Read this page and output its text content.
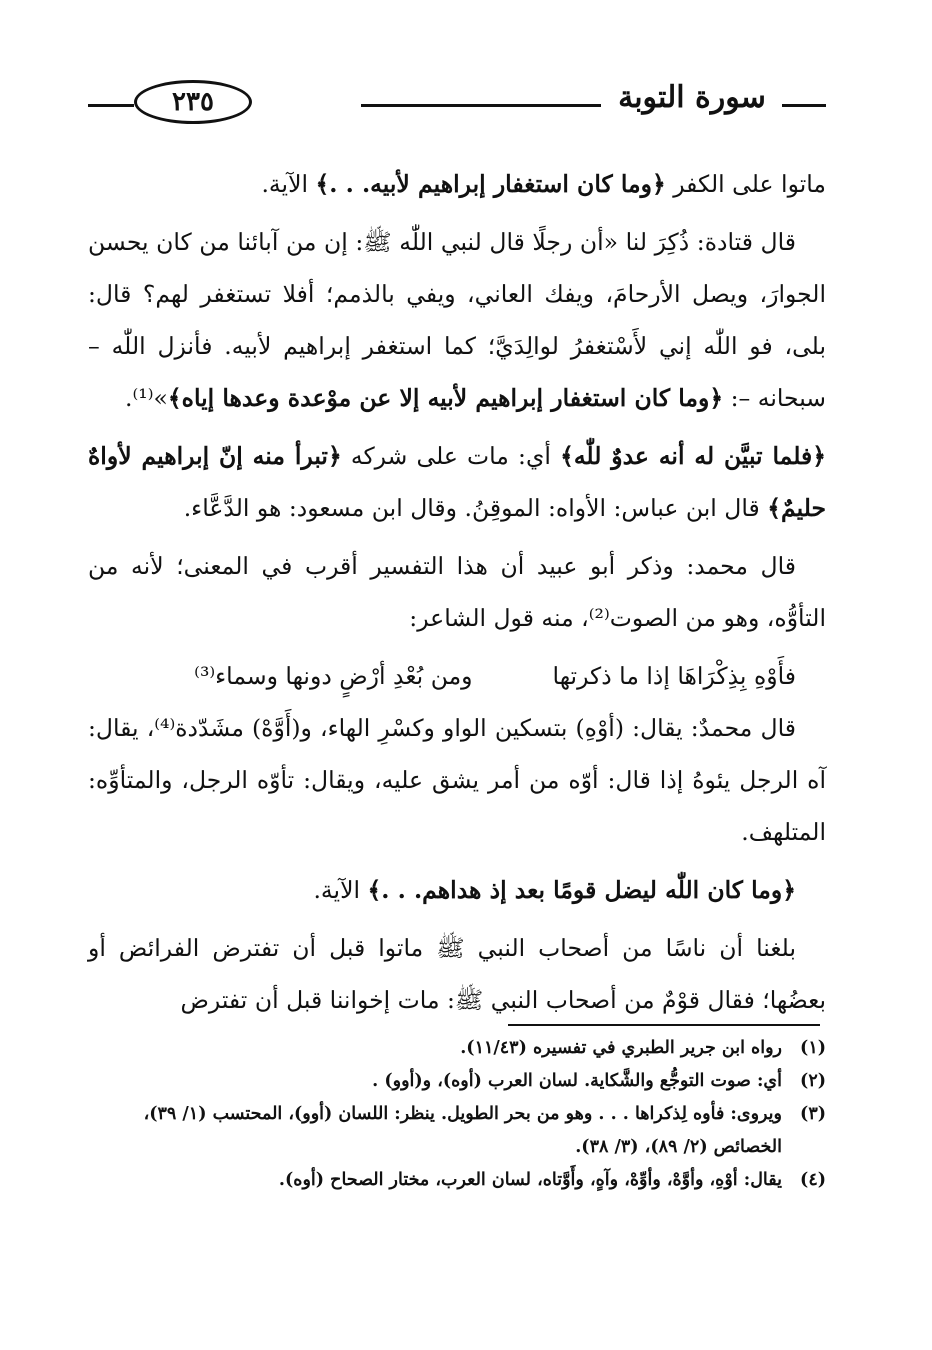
سورة التوبة
٢٣٥

ماتوا على الكفر ﴿وما كان استغفار إبراهيم لأبيه. . .﴾ الآية.

قال قتادة: ذُكِرَ لنا «أن رجلًا قال لنبي اللّٰه ﷺ: إن من آبائنا من كان يحسن الجوارَ، ويصل الأرحامَ، ويفك العاني، ويفي بالذمم؛ أفلا تستغفر لهم؟ قال: بلى، فو اللّٰه إني لأَسْتغفرُ لوالِدَيَّ؛ كما استغفر إبراهيم لأبيه. فأنزل اللّٰه – سبحانه –: ﴿وما كان استغفار إبراهيم لأبيه إلا عن موْعدة وعدها إياه﴾»⁽¹⁾.

﴿فلما تبيَّن له أنه عدوٌ للّٰه﴾ أي: مات على شركه ﴿تبرأ منه إنّ إبراهيم لأواهٌ حليمٌ﴾ قال ابن عباس: الأواه: الموقِنُ. وقال ابن مسعود: هو الدَّعَّاء.

قال محمد: وذكر أبو عبيد أن هذا التفسير أقرب في المعنى؛ لأنه من التأوُّه، وهو من الصوت⁽²⁾، منه قول الشاعر:

فأَوْهِ بِذِكْرَاهَا إذا ما ذكرتها
ومن بُعْدِ أرْضٍ دونها وسماء⁽³⁾

قال محمدٌ: يقال: (أوْهِ) بتسكين الواو وكسْرِ الهاء، و(أَوَّهْ) مشَدّدة⁽⁴⁾، يقال: آه الرجل يئوهُ إذا قال: أوّه من أمر يشق عليه، ويقال: تأوّه الرجل، والمتأوِّه: المتلهف.

﴿وما كان اللّٰه ليضل قومًا بعد إذ هداهم. . .﴾ الآية.

بلغنا أن ناسًا من أصحاب النبي ﷺ ماتوا قبل أن تفترض الفرائض أو بعضُها؛ فقال قوْمٌ من أصحاب النبي ﷺ: مات إخواننا قبل أن تفترض

(١)
رواه ابن جرير الطبري في تفسيره (١١/٤٣).

(٢)
أي: صوت التوجُّع والشَّكاية. لسان العرب (أوه)، و(أوو) .

(٣)
ويروى: فأوه لِذكراها . . . وهو من بحر الطويل. ينظر: اللسان (أوو)، المحتسب (١/ ٣٩)، الخصائص (٢/ ٨٩)، (٣/ ٣٨).

(٤)
يقال: أوْهِ، وأوَّهْ، وأوِّهْ، وآهٍ، وأَوَّتاه، لسان العرب، مختار الصحاح (أوه).
